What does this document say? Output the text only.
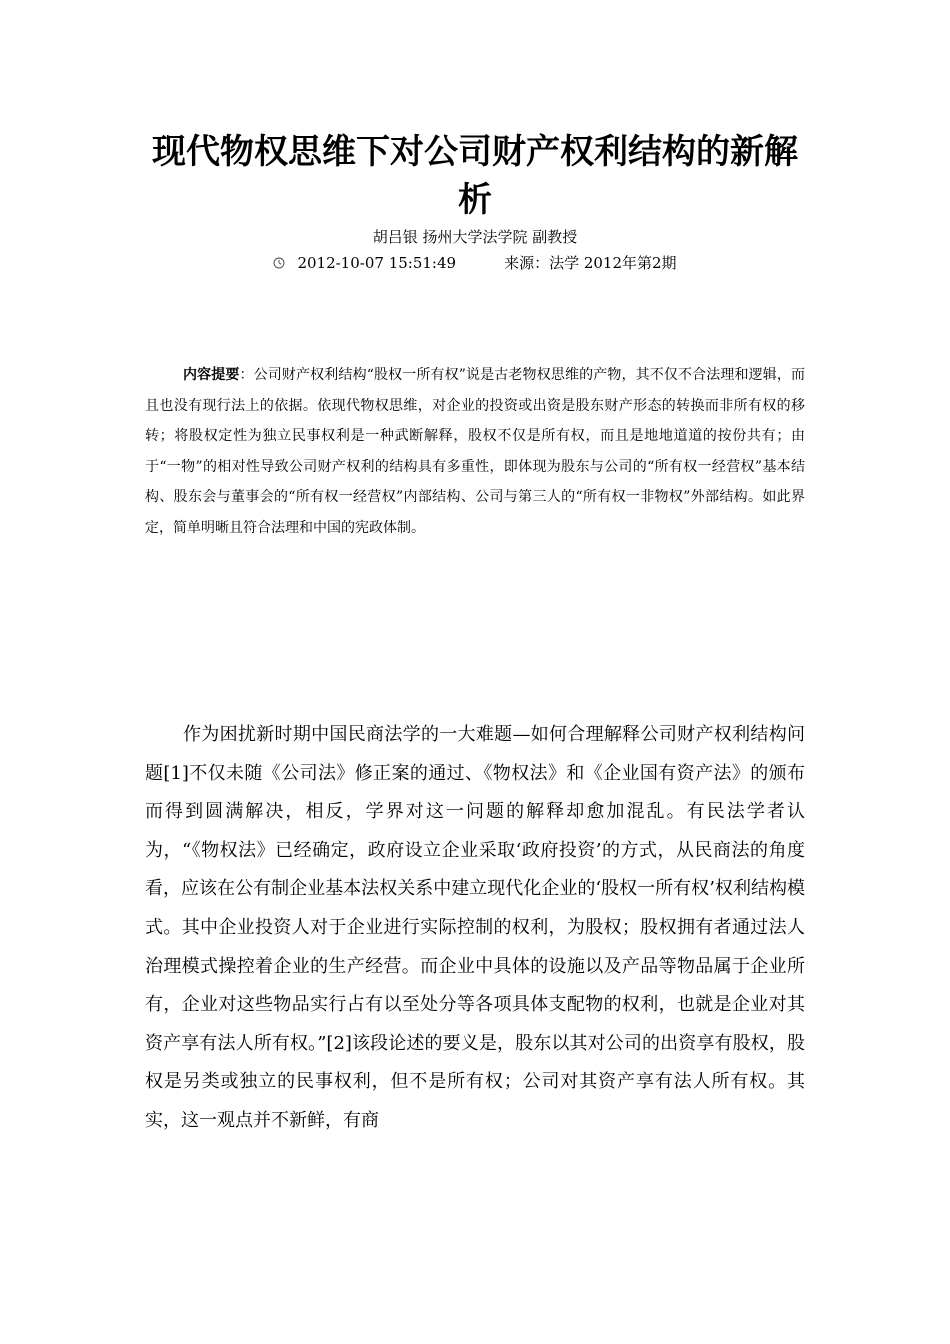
现代物权思维下对公司财产权利结构的新解析
胡吕银 扬州大学法学院 副教授
2012-10-07 15:51:49	来源：法学 2012年第2期
内容提要：公司财产权利结构“股权一所有权”说是古老物权思维的产物，其不仅不合法理和逻辑，而且也没有现行法上的依据。依现代物权思维，对企业的投资或出资是股东财产形态的转换而非所有权的移转；将股权定性为独立民事权利是一种武断解释，股权不仅是所有权，而且是地地道道的按份共有；由于“一物”的相对性导致公司财产权利的结构具有多重性，即体现为股东与公司的“所有权一经营权”基本结构、股东会与董事会的“所有权一经营权”内部结构、公司与第三人的“所有权一非物权”外部结构。如此界定，简单明晰且符合法理和中国的宪政体制。

作为困扰新时期中国民商法学的一大难题—如何合理解释公司财产权利结构问题[1]不仅未随《公司法》修正案的通过、《物权法》和《企业国有资产法》的颁布而得到圆满解决，相反，学界对这一问题的解释却愈加混乱。有民法学者认为，“《物权法》已经确定，政府设立企业采取‘政府投资’的方式，从民商法的角度看，应该在公有制企业基本法权关系中建立现代化企业的‘股权一所有权’权利结构模式。其中企业投资人对于企业进行实际控制的权利，为股权；股权拥有者通过法人治理模式操控着企业的生产经营。而企业中具体的设施以及产品等物品属于企业所有，企业对这些物品实行占有以至处分等各项具体支配物的权利，也就是企业对其资产享有法人所有权。”[2]该段论述的要义是，股东以其对公司的出资享有股权，股权是另类或独立的民事权利，但不是所有权；公司对其资产享有法人所有权。其实，这一观点并不新鲜，有商
